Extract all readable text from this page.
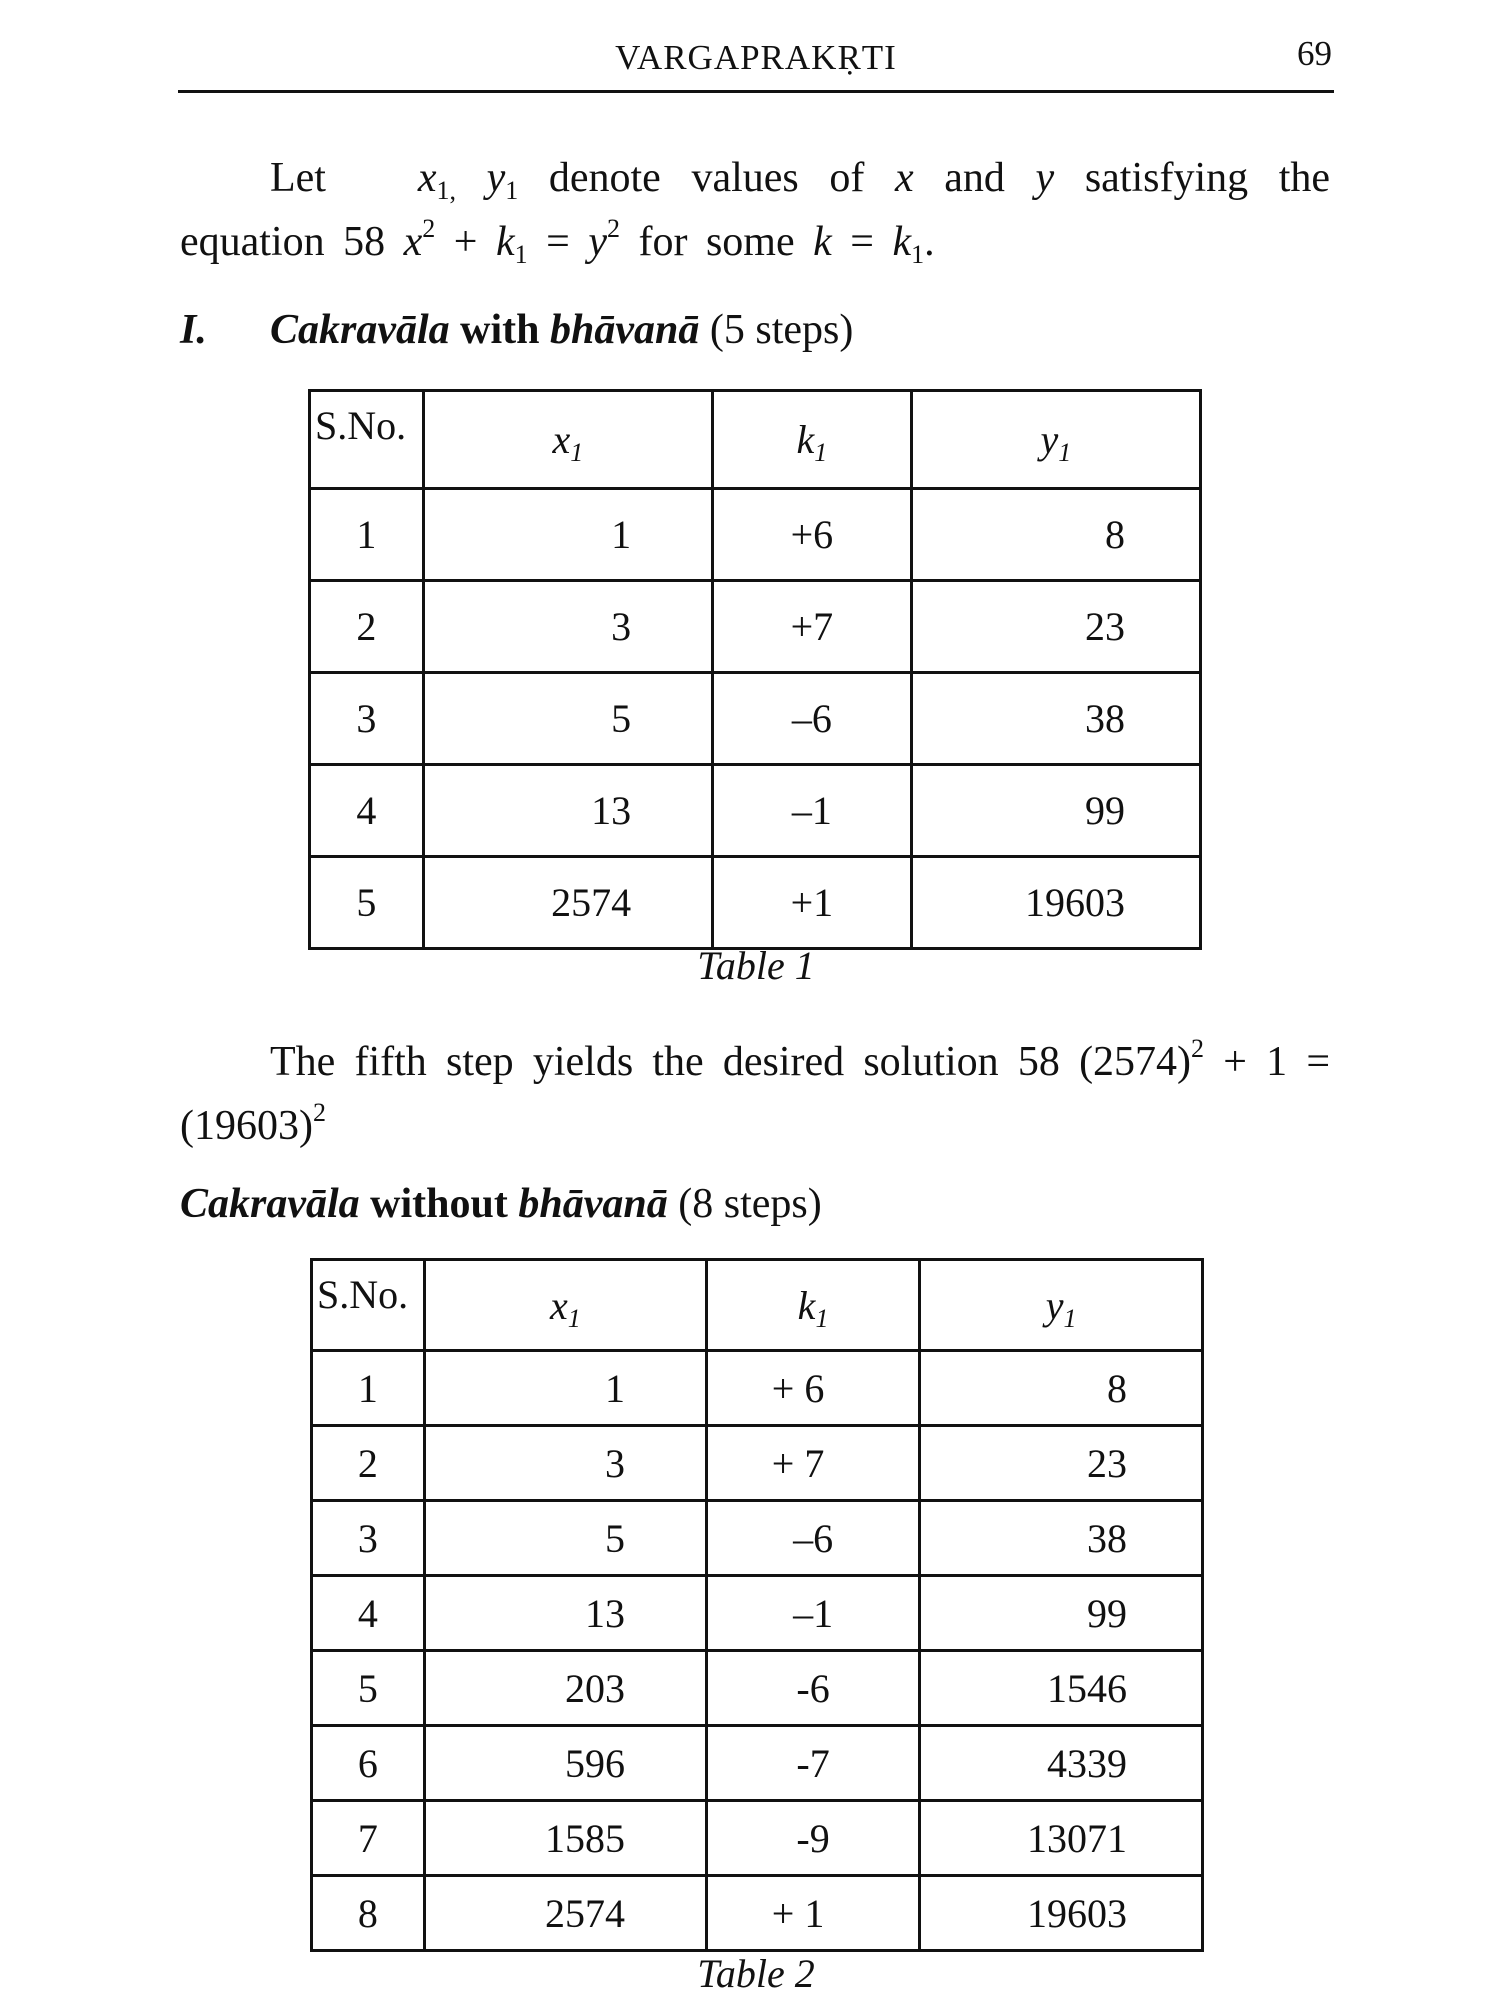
VARGAPRAKṚTI	69

Let $x_{1,}$ $y_1$ denote values of x and y satisfying the equation 58 $x^2 + k_1 = y^2$ for some $k = k_1$.

I. Cakravāla with bhāvanā (5 steps)
S.No.	$x_1$	$k_1$	$y_1$
1	1	+6	8
2	3	+7	23
3	5	–6	38
4	13	–1	99
5	2574	+1	19603

Table 1

The fifth step yields the desired solution 58 $(2574)^2 + 1 = (19603)^2$

Cakravāla without bhāvanā (8 steps)
S.No.	$x_1$	$k_1$	$y_1$
1	1	+ 6	8
2	3	+ 7	23
3	5	–6	38
4	13	–1	99
5	203	-6	1546
6	596	-7	4339
7	1585	-9	13071
8	2574	+ 1	19603

Table 2
